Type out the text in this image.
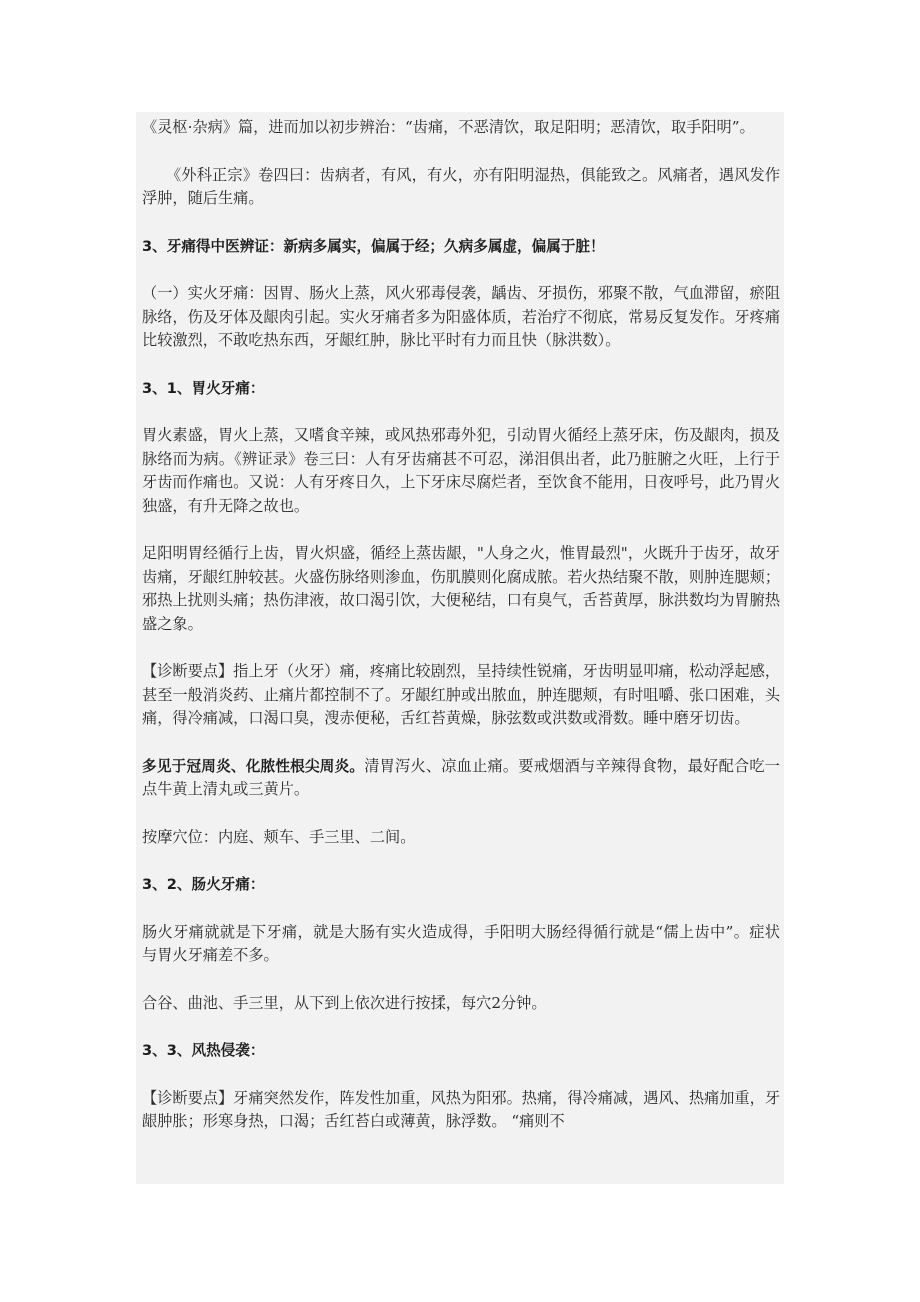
《灵枢·杂病》篇，进而加以初步辨治：“齿痛，不恶清饮，取足阳明；恶清饮，取手阳明”。

《外科正宗》卷四曰：齿病者，有风，有火，亦有阳明湿热，俱能致之。风痛者，遇风发作浮肿，随后生痛。

3、牙痛得中医辨证：新病多属实，偏属于经；久病多属虚，偏属于脏！

（一）实火牙痛：因胃、肠火上蒸，风火邪毒侵袭，龋齿、牙损伤，邪聚不散，气血滞留，瘀阻脉络，伤及牙体及龈肉引起。实火牙痛者多为阳盛体质，若治疗不彻底，常易反复发作。牙疼痛比较激烈，不敢吃热东西，牙龈红肿，脉比平时有力而且快（脉洪数）。

3、1、胃火牙痛：

胃火素盛，胃火上蒸，又嗜食辛辣，或风热邪毒外犯，引动胃火循经上蒸牙床，伤及龈肉，损及脉络而为病。《辨证录》卷三曰：人有牙齿痛甚不可忍，涕泪俱出者，此乃脏腑之火旺，上行于牙齿而作痛也。又说：人有牙疼日久，上下牙床尽腐烂者，至饮食不能用，日夜呼号，此乃胃火独盛，有升无降之故也。

足阳明胃经循行上齿，胃火炽盛，循经上蒸齿龈，"人身之火，惟胃最烈"，火既升于齿牙，故牙齿痛，牙龈红肿较甚。火盛伤脉络则渗血，伤肌膜则化腐成脓。若火热结聚不散，则肿连腮颊；邪热上扰则头痛；热伤津液，故口渴引饮，大便秘结，口有臭气，舌苔黄厚，脉洪数均为胃腑热盛之象。

【诊断要点】指上牙（火牙）痛，疼痛比较剧烈，呈持续性锐痛，牙齿明显叩痛，松动浮起感，甚至一般消炎药、止痛片都控制不了。牙龈红肿或出脓血，肿连腮颊，有时咀嚼、张口困难，头痛，得冷痛减，口渴口臭，溲赤便秘，舌红苔黄燥，脉弦数或洪数或滑数。睡中磨牙切齿。

多见于冠周炎、化脓性根尖周炎。清胃泻火、凉血止痛。要戒烟酒与辛辣得食物，最好配合吃一点牛黄上清丸或三黄片。

按摩穴位：内庭、颊车、手三里、二间。

3、2、肠火牙痛：

肠火牙痛就就是下牙痛，就是大肠有实火造成得，手阳明大肠经得循行就是“儒上齿中”。症状与胃火牙痛差不多。

合谷、曲池、手三里，从下到上依次进行按揉，每穴2分钟。

3、3、风热侵袭：

【诊断要点】牙痛突然发作，阵发性加重，风热为阳邪。热痛，得冷痛减，遇风、热痛加重，牙龈肿胀；形寒身热，口渴；舌红苔白或薄黄，脉浮数。 “痛则不
